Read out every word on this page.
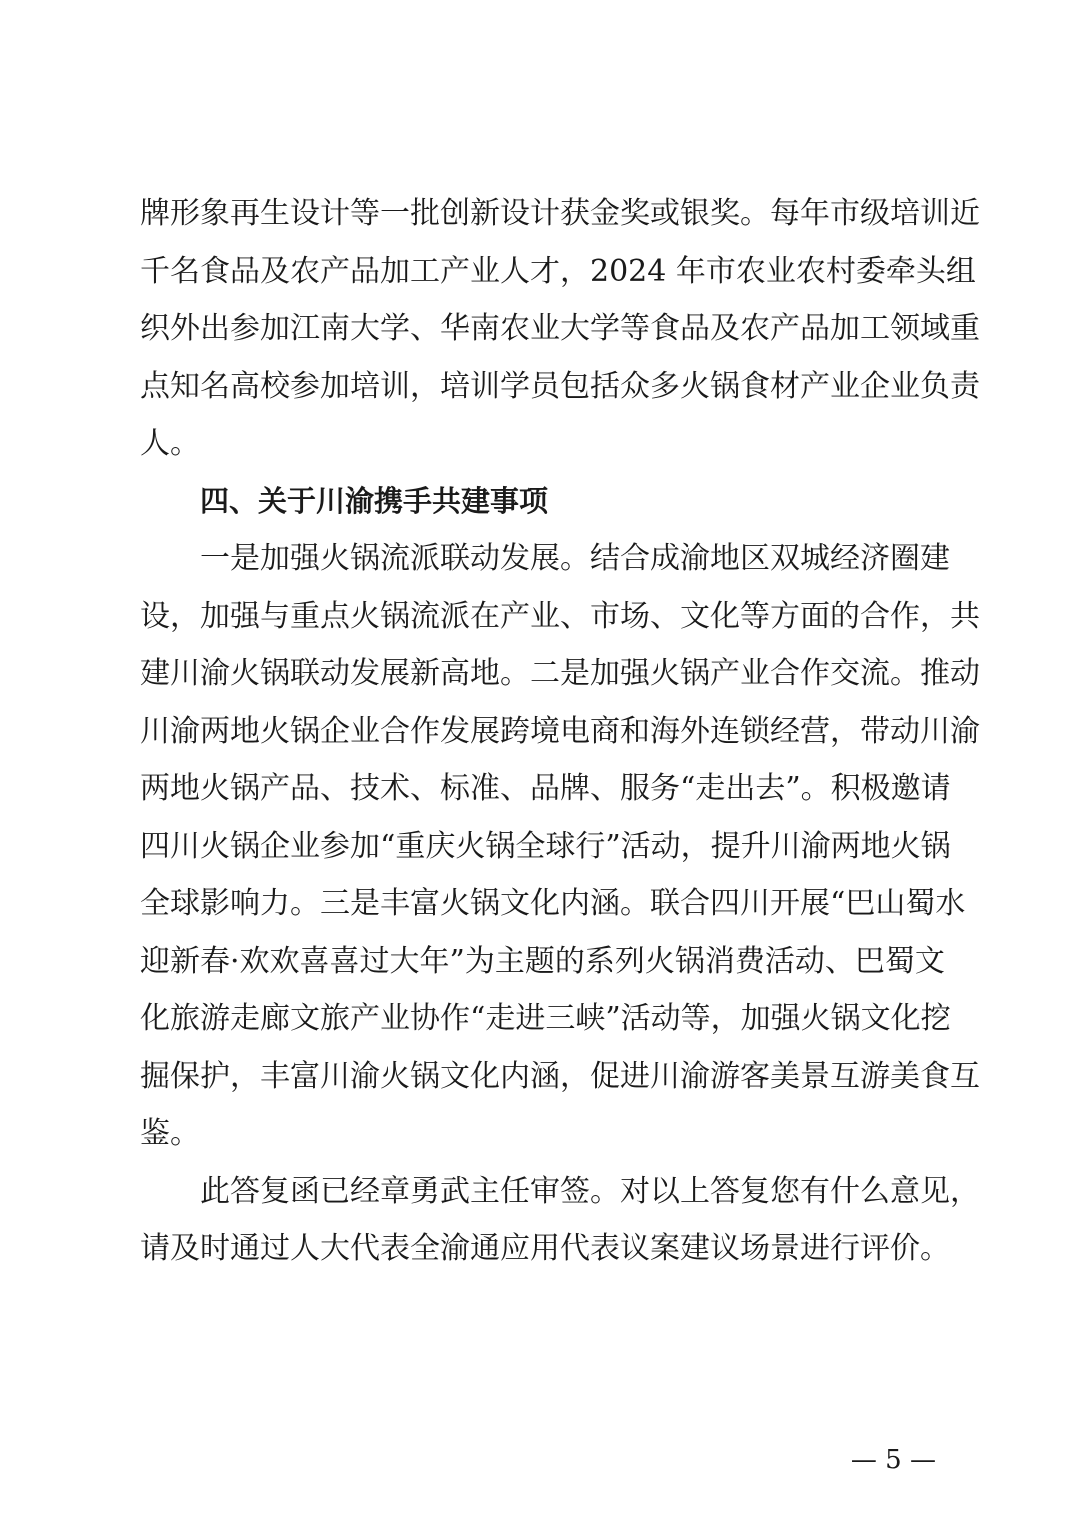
牌形象再生设计等一批创新设计获金奖或银奖。每年市级培训近
千名食品及农产品加工产业人才，2024 年市农业农村委牵头组
织外出参加江南大学、华南农业大学等食品及农产品加工领域重
点知名高校参加培训，培训学员包括众多火锅食材产业企业负责
人。
四、关于川渝携手共建事项
一是加强火锅流派联动发展。结合成渝地区双城经济圈建
设，加强与重点火锅流派在产业、市场、文化等方面的合作，共
建川渝火锅联动发展新高地。二是加强火锅产业合作交流。推动
川渝两地火锅企业合作发展跨境电商和海外连锁经营，带动川渝
两地火锅产品、技术、标准、品牌、服务“走出去”。积极邀请
四川火锅企业参加“重庆火锅全球行”活动，提升川渝两地火锅
全球影响力。三是丰富火锅文化内涵。联合四川开展“巴山蜀水
迎新春·欢欢喜喜过大年”为主题的系列火锅消费活动、巴蜀文
化旅游走廊文旅产业协作“走进三峡”活动等，加强火锅文化挖
掘保护，丰富川渝火锅文化内涵，促进川渝游客美景互游美食互
鉴。
此答复函已经章勇武主任审签。对以上答复您有什么意见，
请及时通过人大代表全渝通应用代表议案建议场景进行评价。
— 5 —
